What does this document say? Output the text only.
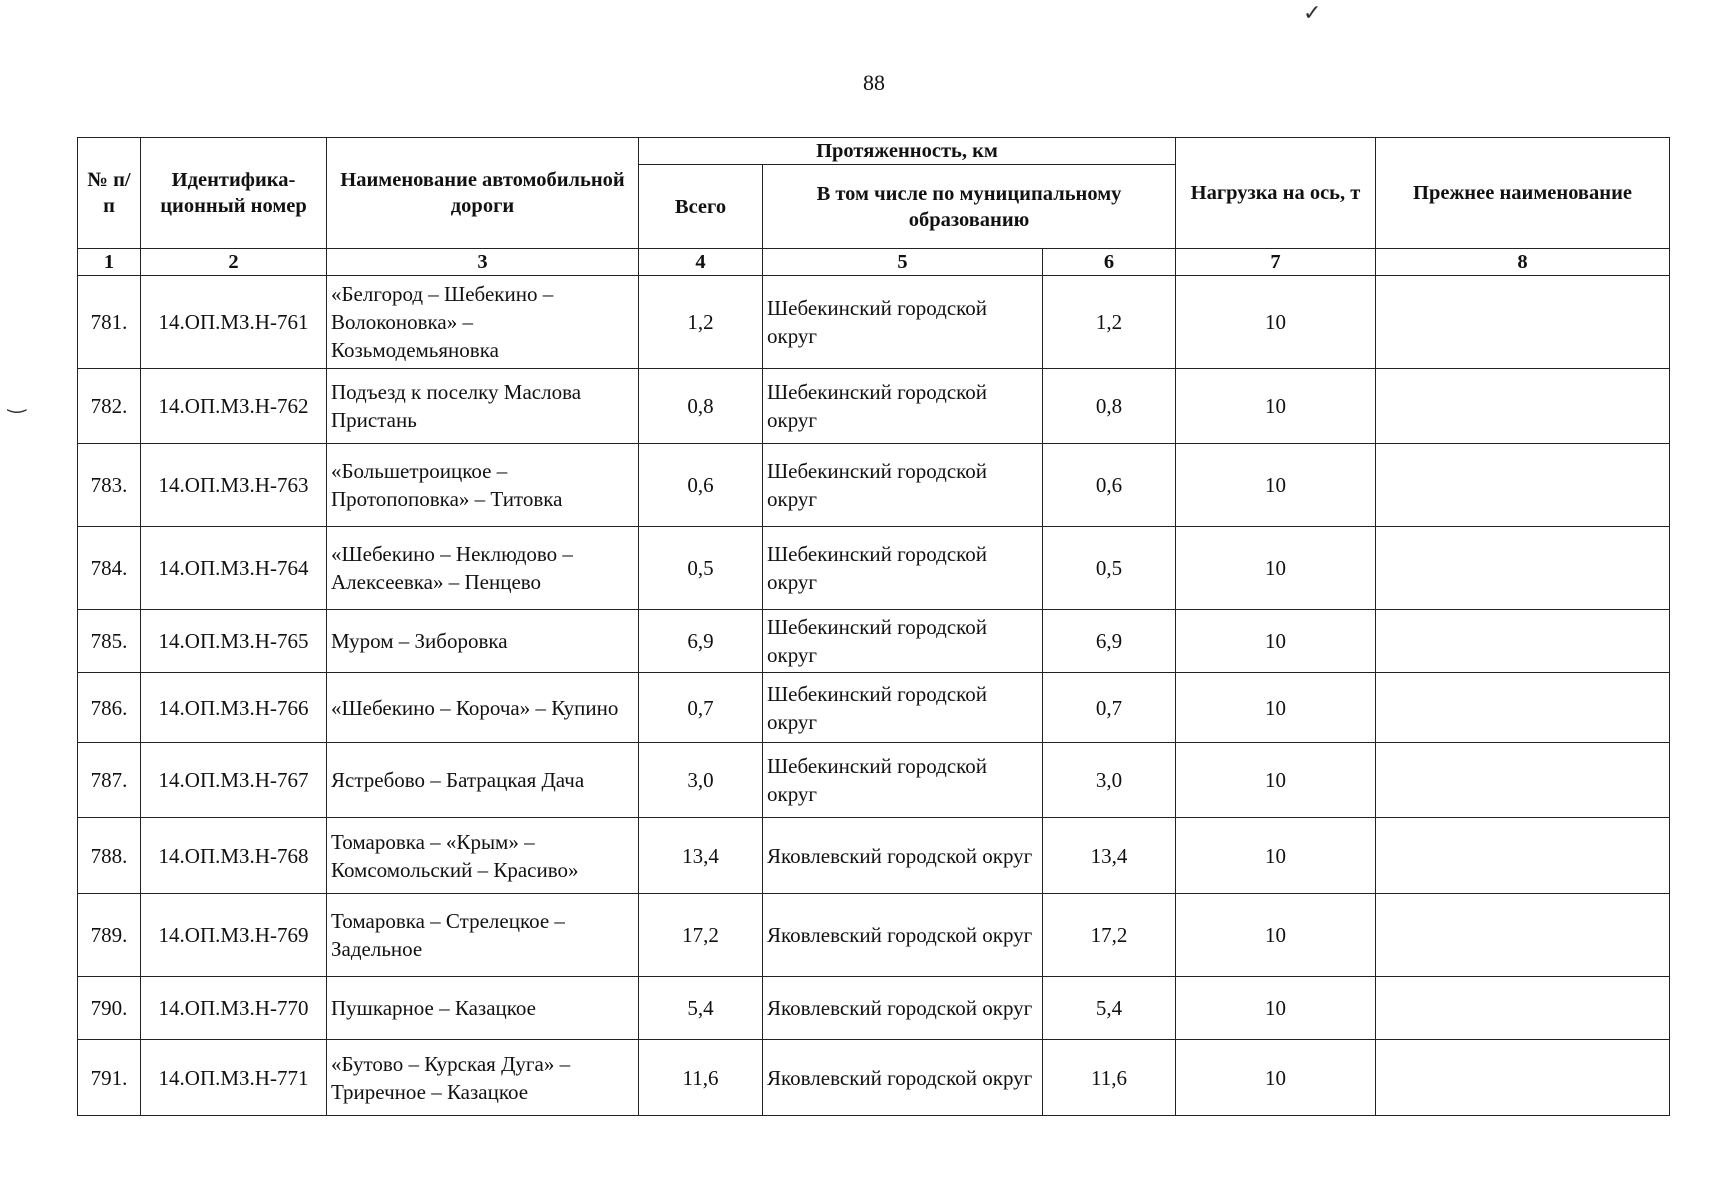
✓
‿
88
№ п/п	Идентифика-ционный номер	Наименование автомобильной дороги	Протяженность, км			Нагрузка на ось, т	Прежнее наименование
			Всего	В том числе по муниципальному образованию			
1	2	3	4	5	6	7	8
781.	14.ОП.МЗ.Н-761	«Белгород – Шебекино – Волоконовка» – Козьмодемьяновка	1,2	Шебекинский городской округ	1,2	10	
782.	14.ОП.МЗ.Н-762	Подъезд к поселку Маслова Пристань	0,8	Шебекинский городской округ	0,8	10	
783.	14.ОП.МЗ.Н-763	«Большетроицкое – Протопоповка» – Титовка	0,6	Шебекинский городской округ	0,6	10	
784.	14.ОП.МЗ.Н-764	«Шебекино – Неклюдово – Алексеевка» – Пенцево	0,5	Шебекинский городской округ	0,5	10	
785.	14.ОП.МЗ.Н-765	Муром – Зиборовка	6,9	Шебекинский городской округ	6,9	10	
786.	14.ОП.МЗ.Н-766	«Шебекино – Короча» – Купино	0,7	Шебекинский городской округ	0,7	10	
787.	14.ОП.МЗ.Н-767	Ястребово – Батрацкая Дача	3,0	Шебекинский городской округ	3,0	10	
788.	14.ОП.МЗ.Н-768	Томаровка – «Крым» – Комсомольский – Красиво»	13,4	Яковлевский городской округ	13,4	10	
789.	14.ОП.МЗ.Н-769	Томаровка – Стрелецкое – Задельное	17,2	Яковлевский городской округ	17,2	10	
790.	14.ОП.МЗ.Н-770	Пушкарное – Казацкое	5,4	Яковлевский городской округ	5,4	10	
791.	14.ОП.МЗ.Н-771	«Бутово – Курская Дуга» – Триречное – Казацкое	11,6	Яковлевский городской округ	11,6	10	
